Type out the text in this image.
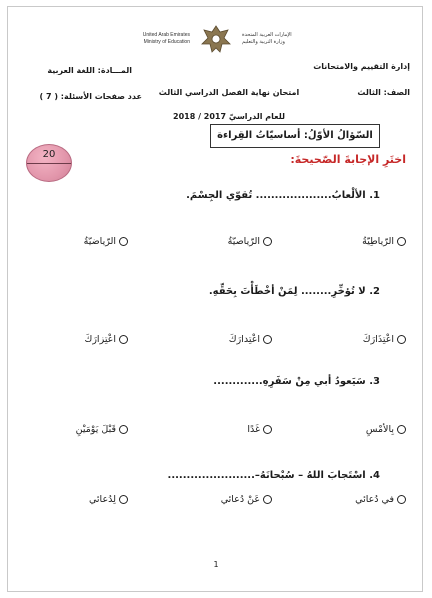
United Arab Emirates
Ministry of Education
الإمارات العربية المتحدة
وزارة التربية والتعليم
إدارة التقييم والامتحانات
المـــادة: اللغة العربية
الصف: الثالث
امتحان نهاية الفصل الدراسي الثالث
عدد صفحات الأسئلة: ( 7 )
للعام الدراسيّ 2017 / 2018
السّؤالُ الأوّلُ: أساسيّاتُ القِراءة
اختَرِ الإجابةَ الصّحيحةَ:
20
1. الألْعابُ.................... تُقوّي الجِسْمَ.
الرّياطِيّةُ
الرّياصيّةُ
الرّياضيّةُ
2. لا تُؤخِّرِ........ لِمَنْ أخْطَأْتَ بِحَقِّهِ.
اعْتِذَارَكَ
اعْتِدارَكَ
اعْتِزارَكَ
3. سَيَعودُ أبي مِنْ سَفَرِهِ.............
بِالأمْسِ
غَدًا
قَبْلَ يَوْمَيْنِ
4. اسْتَجابَ اللهُ – سُبْحانَهُ–.......................
في دُعائي
عَنْ دُعائي
لِدُعائي
1
